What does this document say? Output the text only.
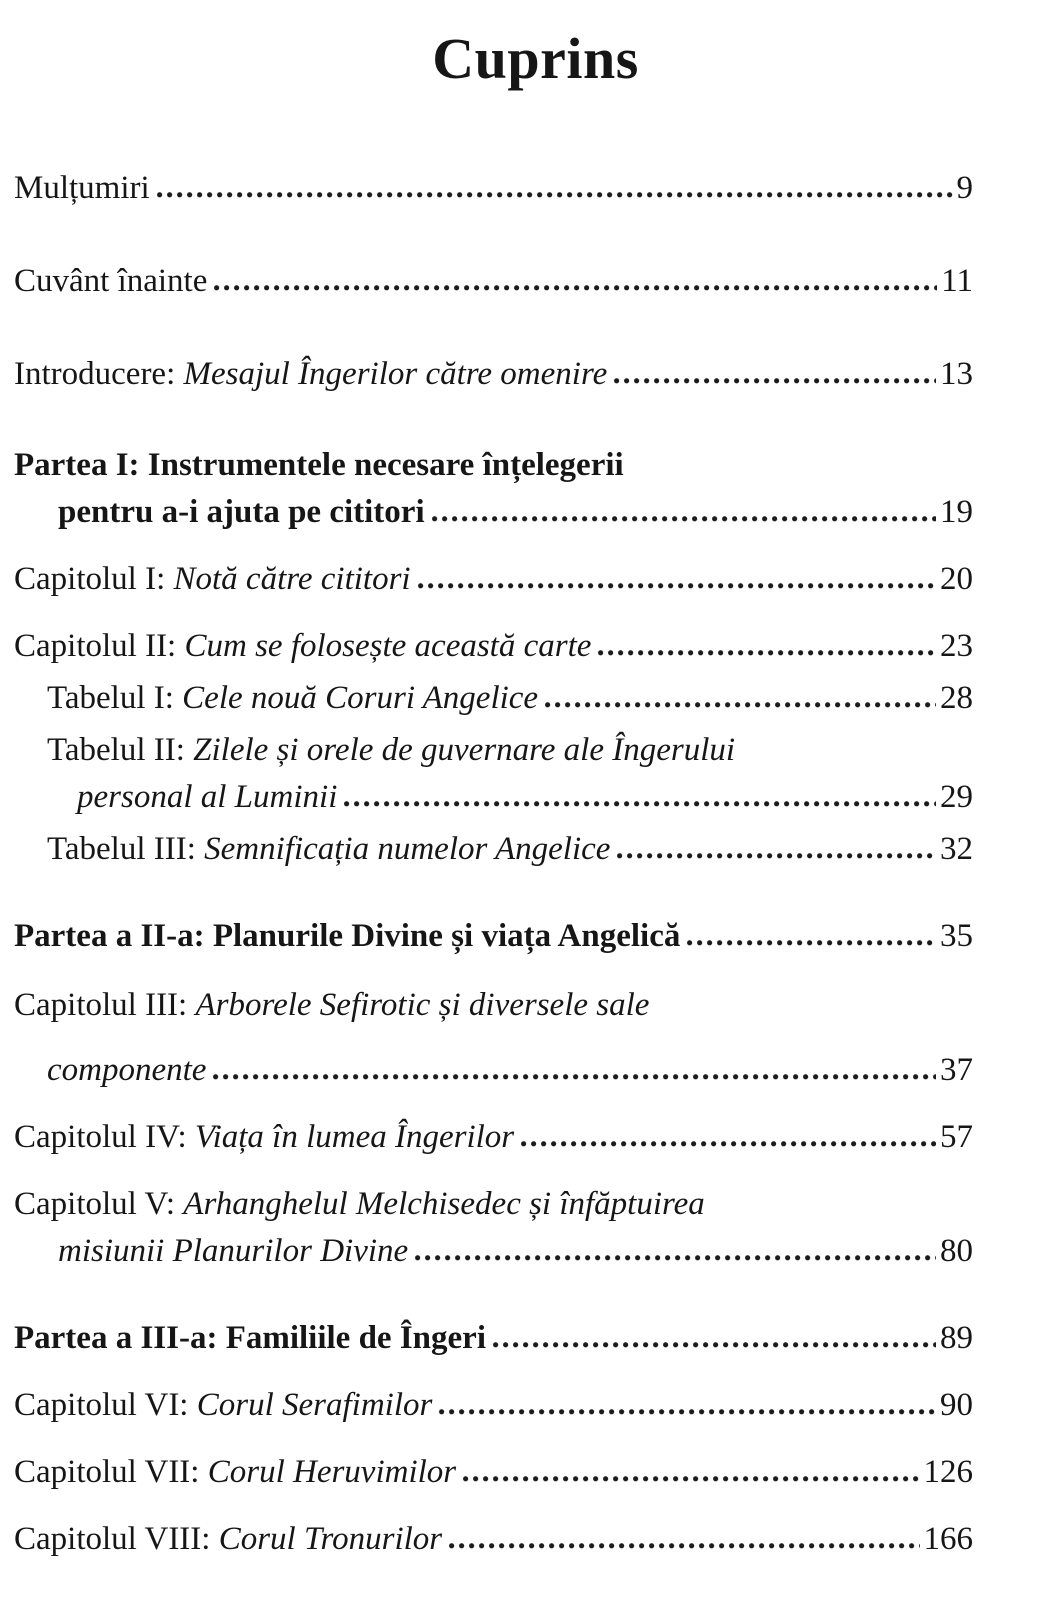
Cuprins
Mulțumiri	9
Cuvânt înainte	11
Introducere: Mesajul Îngerilor către omenire	13
Partea I: Instrumentele necesare înțelegerii
pentru a-i ajuta pe cititori	19
Capitolul I: Notă către cititori	20
Capitolul II: Cum se folosește această carte	23
Tabelul I: Cele nouă Coruri Angelice	28
Tabelul II: Zilele și orele de guvernare ale Îngerului
personal al Luminii	29
Tabelul III: Semnificația numelor Angelice	32
Partea a II-a: Planurile Divine și viața Angelică	35
Capitolul III: Arborele Sefirotic și diversele sale
componente	37
Capitolul IV: Viața în lumea Îngerilor	57
Capitolul V: Arhanghelul Melchisedec și înfăptuirea
misiunii Planurilor Divine	80
Partea a III-a: Familiile de Îngeri	89
Capitolul VI: Corul Serafimilor	90
Capitolul VII: Corul Heruvimilor	126
Capitolul VIII: Corul Tronurilor	166
